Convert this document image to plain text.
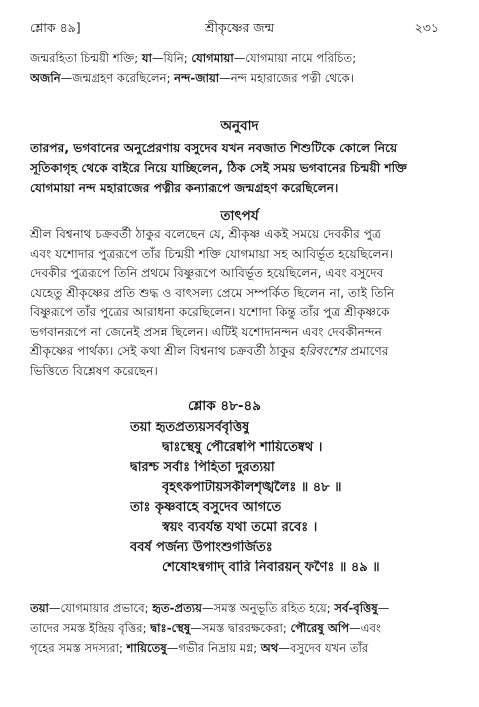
শ্লোক ৪৯]	শ্রীকৃষ্ণের জন্ম	২৩১
জন্মরহিতা চিন্ময়ী শক্তি; যা—যিনি; যোগমায়া—যোগমায়া নামে পরিচিত;
অজনি—জন্মগ্রহণ করেছিলেন; নন্দ-জায়া—নন্দ মহারাজের পত্নী থেকে।
অনুবাদ
তারপর, ভগবানের অনুপ্রেরণায় বসুদেব যখন নবজাত শিশুটিকে কোলে নিয়ে
সূতিকাগৃহ থেকে বাইরে নিয়ে যাচ্ছিলেন, ঠিক সেই সময় ভগবানের চিন্ময়ী শক্তি
যোগমায়া নন্দ মহারাজের পত্নীর কন্যারূপে জন্মগ্রহণ করেছিলেন।
তাৎপর্য
শ্রীল বিশ্বনাথ চক্রবর্তী ঠাকুর বলেছেন যে, শ্রীকৃষ্ণ একই সময়ে দেবকীর পুত্র
এবং যশোদার পুত্ররূপে তাঁর চিন্ময়ী শক্তি যোগমায়া সহ আবির্ভূত হয়েছিলেন।
দেবকীর পুত্ররূপে তিনি প্রথমে বিষ্ণুরূপে আবির্ভূত হয়েছিলেন, এবং বসুদেব
যেহেতু শ্রীকৃষ্ণের প্রতি শুদ্ধ ও বাৎসল্য প্রেমে সম্পর্কিত ছিলেন না, তাই তিনি
বিষ্ণুরূপে তাঁর পুত্রের আরাধনা করেছিলেন। যশোদা কিন্তু তাঁর পুত্র শ্রীকৃষ্ণকে
ভগবানরূপে না জেনেই প্রসন্ন ছিলেন। এটিই যশোদানন্দন এবং দেবকীনন্দন
শ্রীকৃষ্ণের পার্থক্য। সেই কথা শ্রীল বিশ্বনাথ চক্রবর্তী ঠাকুর হরিবংশের প্রমাণের
ভিত্তিতে বিশ্লেষণ করেছেন।
শ্লোক ৪৮-৪৯
তয়া হৃতপ্রত্যয়সর্ববৃত্তিষু
দ্বাঃস্থেষু পৌরেষ্বপি শায়িতেষ্বথ ।
দ্বারশ্চ সর্বাঃ পিহিতা দুরত্যয়া
বৃহৎকপাটায়সকীলশৃঙ্খলৈঃ ॥ ৪৮ ॥
তাঃ কৃষ্ণবাহে বসুদেব আগতে
স্বয়ং ব্যবর্যন্ত যথা তমো রবেঃ ।
ববর্ষ পর্জন্য উপাংশুগর্জিতঃ
শেষোঽন্বগাদ্ বারি নিবারয়ন্ ফণৈঃ ॥ ৪৯ ॥
তয়া—যোগমায়ার প্রভাবে; হৃত-প্রত্যয়—সমস্ত অনুভূতি রহিত হয়ে; সর্ব-বৃত্তিষু—
তাদের সমস্ত ইন্দ্রিয় বৃত্তির; দ্বাঃ-স্থেষু—সমস্ত দ্বাররক্ষকেরা; পৌরেষু অপি—এবং
গৃহের সমস্ত সদস্যরা; শায়িতেষু—গভীর নিদ্রায় মগ্ন; অথ—বসুদেব যখন তাঁর
